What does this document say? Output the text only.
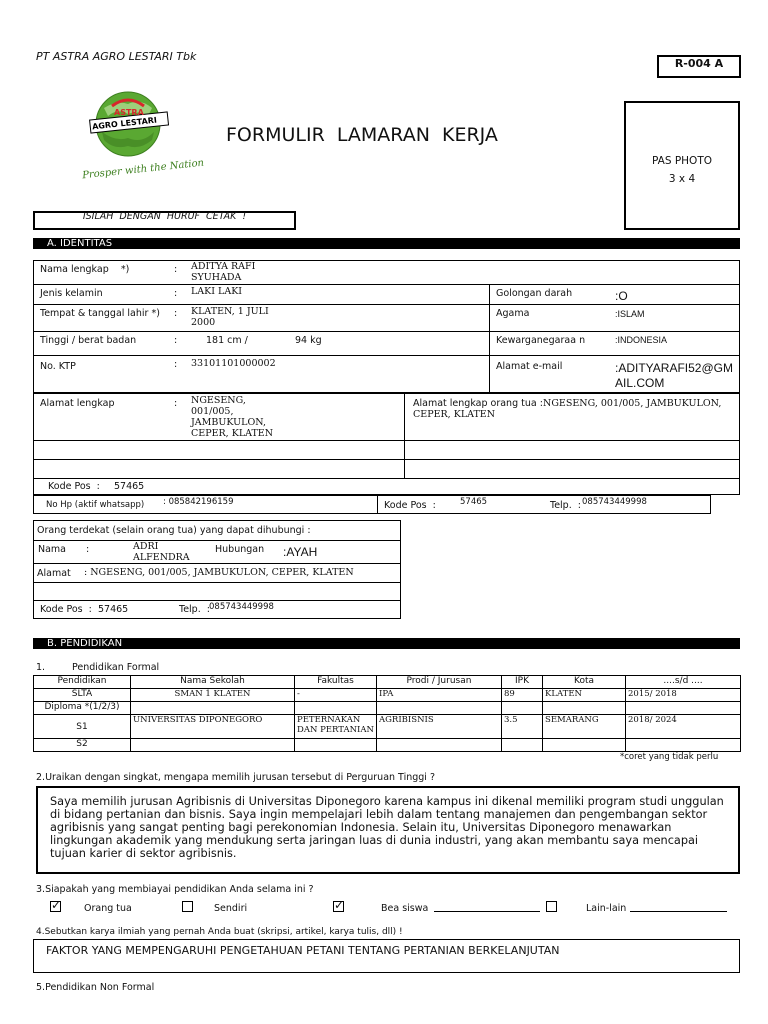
PT ASTRA AGRO LESTARI Tbk
R-004 A
ASTRA
AGRO LESTARI
Prosper with the Nation
FORMULIR  LAMARAN  KERJA
PAS PHOTO
3 x 4
ISILAH  DENGAN  HURUF  CETAK  !
A. IDENTITAS
Nama lengkap    *)	: ADITYA RAFI SYUHADA
Jenis kelamin	: LAKI LAKI	Golongan darah	:O
Tempat & tanggal lahir *) : KLATEN, 1 JULI 2000
Agama	:ISLAM
Tinggi / berat badan	:	181 cm /	94 kg	Kewarganegaraa n	:INDONESIA
No. KTP	: 33101101000002	Alamat e-mail	:ADITYARAFI52@GMAIL.COM
Alamat lengkap	: NGESENG, 001/005, JAMBUKULON, CEPER, KLATEN
Alamat lengkap orang tua : NGESENG, 001/005, JAMBUKULON, CEPER, KLATEN
Kode Pos  : 57465
No Hp (aktif whatsapp) : 085842196159	Kode Pos  :	57465	Telp.  : 085743449998
Orang terdekat (selain orang tua) yang dapat dihubungi :
Nama :	ADRI ALFENDRA
Hubungan :AYAH
Alamat : NGESENG, 001/005, JAMBUKULON, CEPER, KLATEN
Kode Pos  : 57465	Telp.  : 085743449998
B. PENDIDIKAN
1.	Pendidikan Formal
Pendidikan	Nama Sekolah	Fakultas	Prodi / Jurusan	IPK	Kota	....s/d ....
SLTA	SMAN 1 KLATEN	-	IPA	89	KLATEN	2015/ 2018
Diploma *(1/2/3)						
S1	UNIVERSITAS DIPONEGORO	PETERNAKAN DAN PERTANIAN	AGRIBISNIS	3.5	SEMARANG	2018/ 2024
S2						
*coret yang tidak perlu
2.Uraikan dengan singkat, mengapa memilih jurusan tersebut di Perguruan Tinggi ?
Saya memilih jurusan Agribisnis di Universitas Diponegoro karena kampus ini dikenal memiliki program studi unggulan di bidang pertanian dan bisnis. Saya ingin mempelajari lebih dalam tentang manajemen dan pengembangan sektor agribisnis yang sangat penting bagi perekonomian Indonesia. Selain itu, Universitas Diponegoro menawarkan lingkungan akademik yang mendukung serta jaringan luas di dunia industri, yang akan membantu saya mencapai tujuan karier di sektor agribisnis.
3.Siapakah yang membiayai pendidikan Anda selama ini ?
✓ Orang tua	Sendiri	✓	Bea siswa	Lain-lain
4.Sebutkan karya ilmiah yang pernah Anda buat (skripsi, artikel, karya tulis, dll) !
FAKTOR YANG MEMPENGARUHI PENGETAHUAN PETANI TENTANG PERTANIAN BERKELANJUTAN
5.Pendidikan Non Formal
